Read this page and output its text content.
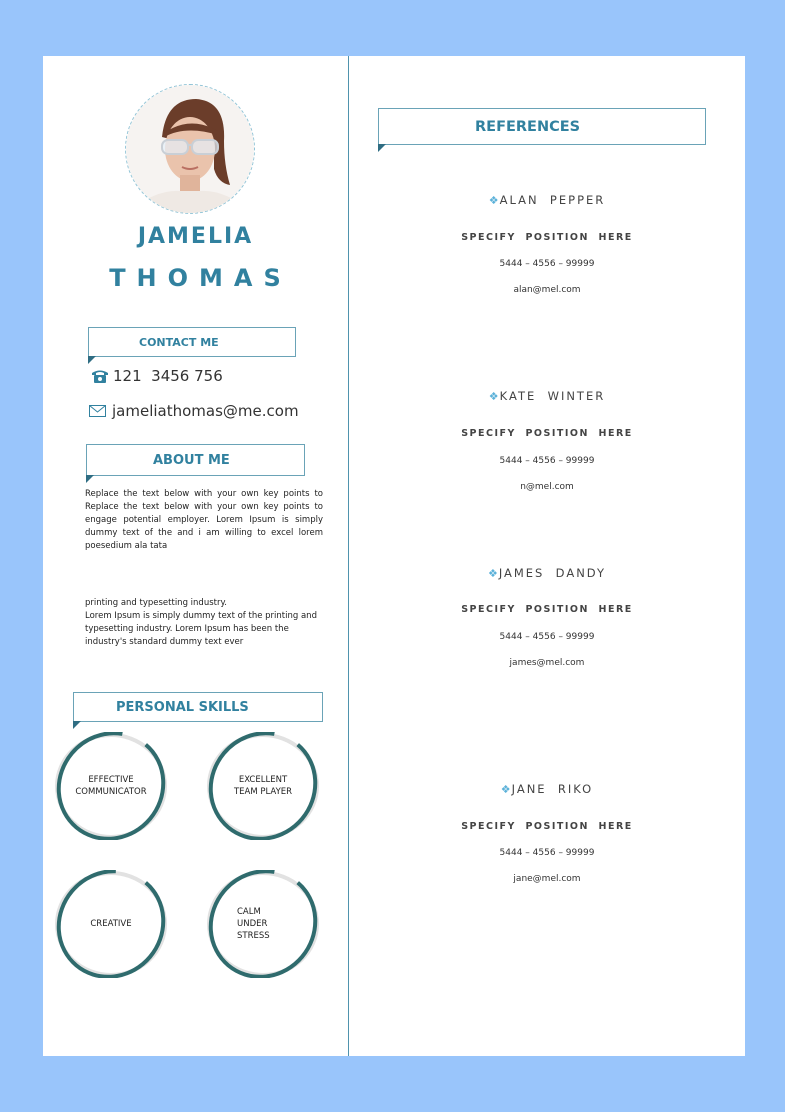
JAMELIA
THOMAS
CONTACT ME
121  3456 756
jameliathomas@me.com
ABOUT ME
Replace the text below with your own key points to Replace the text below with your own key points to engage potential employer. Lorem Ipsum is simply dummy text of the and i am willing to excel lorem poesedium ala tata
printing and typesetting industry.
Lorem Ipsum is simply dummy text of the printing and typesetting industry. Lorem Ipsum has been the industry's standard dummy text ever
PERSONAL SKILLS
EFFECTIVE
COMMUNICATOR
EXCELLENT
TEAM PLAYER
CREATIVE
CALM
UNDER
STRESS
REFERENCES
❖ALAN  PEPPER
SPECIFY  POSITION  HERE
5444 – 4556 – 99999
alan@mel.com
❖KATE  WINTER
SPECIFY  POSITION  HERE
5444 – 4556 – 99999
n@mel.com
❖JAMES  DANDY
SPECIFY  POSITION  HERE
5444 – 4556 – 99999
james@mel.com
❖JANE  RIKO
SPECIFY  POSITION  HERE
5444 – 4556 – 99999
jane@mel.com
